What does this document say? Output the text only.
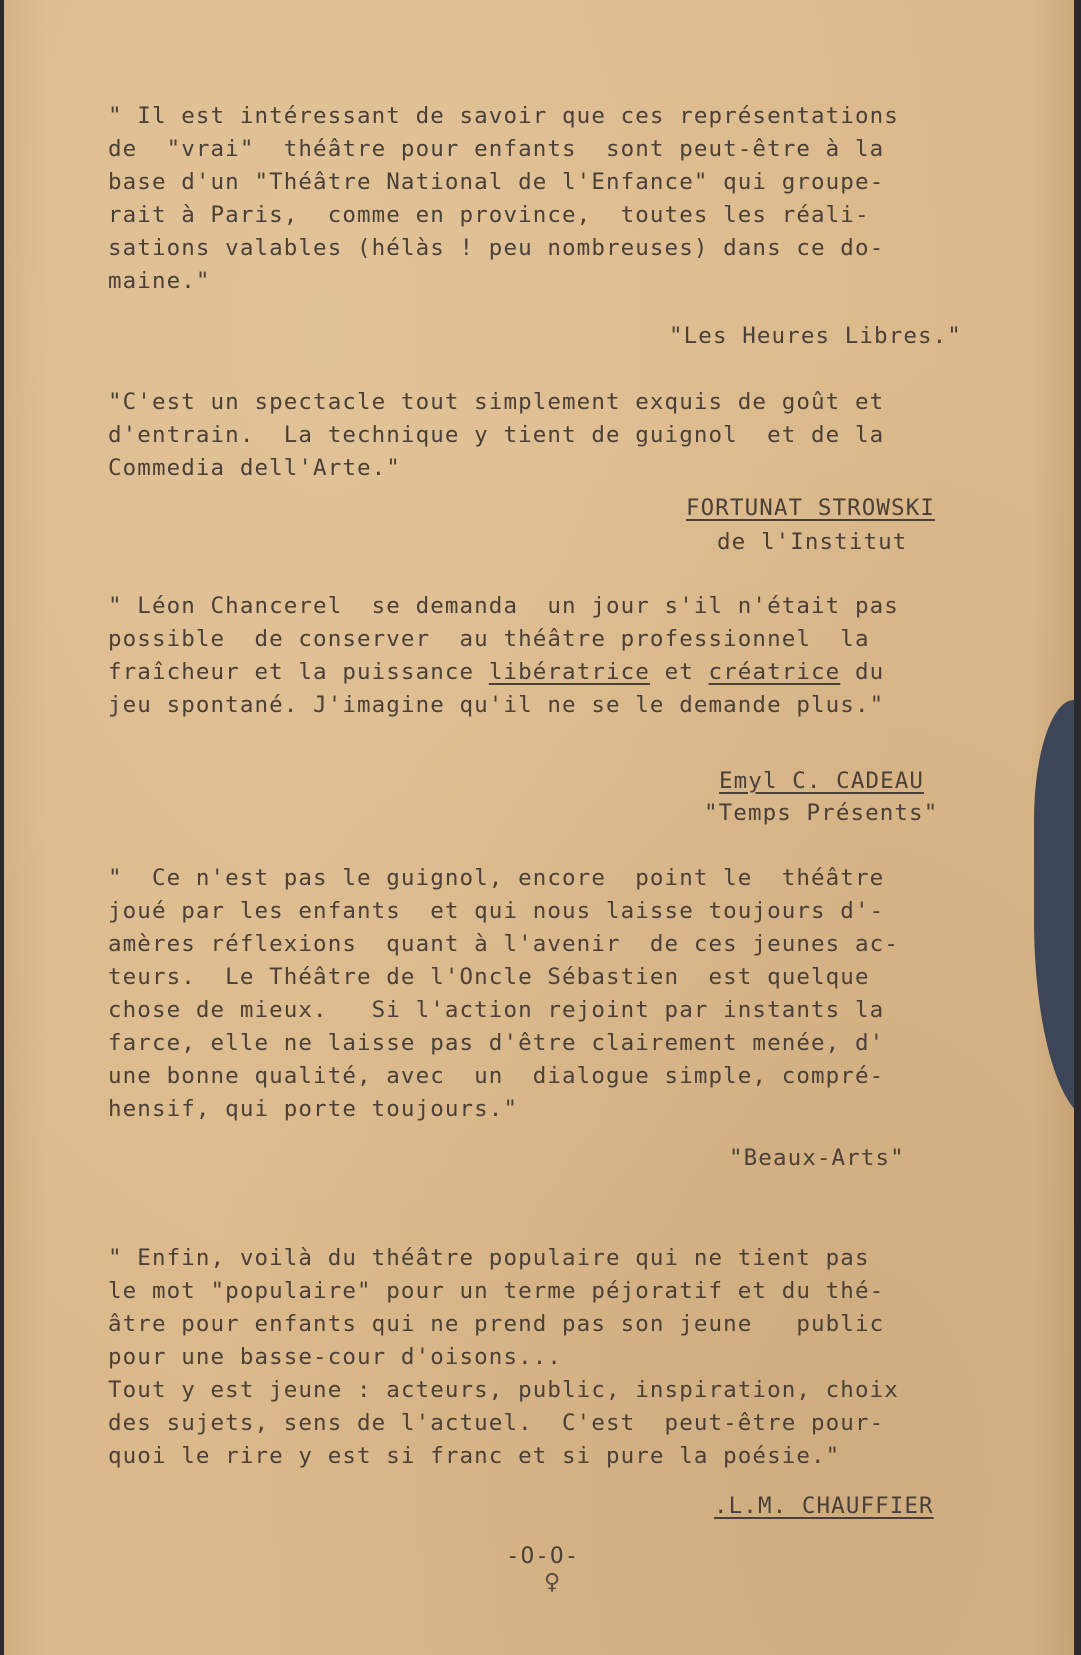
" Il est intéressant de savoir que ces représentations
de  "vrai"  théâtre pour enfants  sont peut-être à la
base d'un "Théâtre National de l'Enfance" qui groupe-
rait à Paris,  comme en province,  toutes les réali-
sations valables (hélàs ! peu nombreuses) dans ce do-
maine."
"Les Heures Libres."
"C'est un spectacle tout simplement exquis de goût et
d'entrain.  La technique y tient de guignol  et de la
Commedia dell'Arte."
FORTUNAT STROWSKI
de l'Institut
" Léon Chancerel  se demanda  un jour s'il n'était pas
possible  de conserver  au théâtre professionnel  la
fraîcheur et la puissance libératrice et créatrice du
jeu spontané. J'imagine qu'il ne se le demande plus."
Emyl C. CADEAU
"Temps Présents"
"  Ce n'est pas le guignol, encore  point le  théâtre
joué par les enfants  et qui nous laisse toujours d'-
amères réflexions  quant à l'avenir  de ces jeunes ac-
teurs.  Le Théâtre de l'Oncle Sébastien  est quelque
chose de mieux.   Si l'action rejoint par instants la
farce, elle ne laisse pas d'être clairement menée, d'
une bonne qualité, avec  un  dialogue simple, compré-
hensif, qui porte toujours."
"Beaux-Arts"
" Enfin, voilà du théâtre populaire qui ne tient pas
le mot "populaire" pour un terme péjoratif et du thé-
âtre pour enfants qui ne prend pas son jeune   public
pour une basse-cour d'oisons...
Tout y est jeune : acteurs, public, inspiration, choix
des sujets, sens de l'actuel.  C'est  peut-être pour-
quoi le rire y est si franc et si pure la poésie."
.L.M. CHAUFFIER
-O-O-
♀
